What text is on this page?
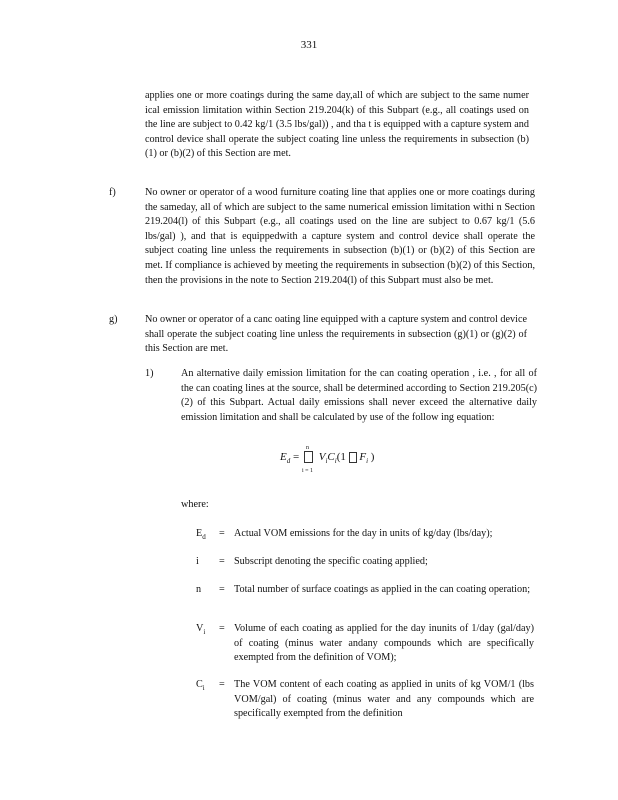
331
applies one or more coatings during the same day,all of which are subject to the same numer ical emission limitation within Section 219.204(k) of this Subpart (e.g., all coatings used on the line are subject to 0.42 kg/1 (3.5 lbs/gal)) , and tha t is equipped with a capture system and control device shall operate the subject coating line unless the requirements in subsection (b)(1) or (b)(2) of this Section are met.
f)	No owner or operator of a wood furniture coating line that applies one or more coatings during the sameday, all of which are subject to the same numerical emission limitation withi n Section 219.204(l) of this Subpart (e.g., all coatings used on the line are subject to 0.67 kg/1 (5.6 lbs/gal) ), and that is equippedwith a capture system and control device shall operate the subject coating line unless the requirements in subsection (b)(1) or (b)(2) of this Section are met. If compliance is achieved by meeting the requirements in subsection (b)(2) of this Section, then the provisions in the note to Section 219.204(l) of this Subpart must also be met.
g)	No owner or operator of a canc oating line equipped with a capture system and control device shall operate the subject coating line unless the requirements in subsection (g)(1) or (g)(2) of this Section are met.
1)	An alternative daily emission limitation for the can coating operation , i.e. , for all of the can coating lines at the source, shall be determined according to Section 219.205(c)(2) of this Subpart. Actual daily emissions shall never exceed the alternative daily emission limitation and shall be calculated by use of the follow ing equation:
$E_d$ =
n
i = 1
$V_iC_i(1$ $F_i$ )
where:
$E_d$	= Actual VOM emissions for the day in units of kg/day (lbs/day);
i	= Subscript denoting the specific coating applied;
n	= Total number of surface coatings as applied in the can coating operation;
$V_i$	= Volume of each coating as applied for the day inunits of 1/day (gal/day) of coating (minus water andany compounds which are specifically exempted from the definition of VOM);
$C_i$	= The VOM content of each coating as applied in units of kg VOM/1 (lbs VOM/gal) of coating (minus water and any compounds which are specifically exempted from the definition
